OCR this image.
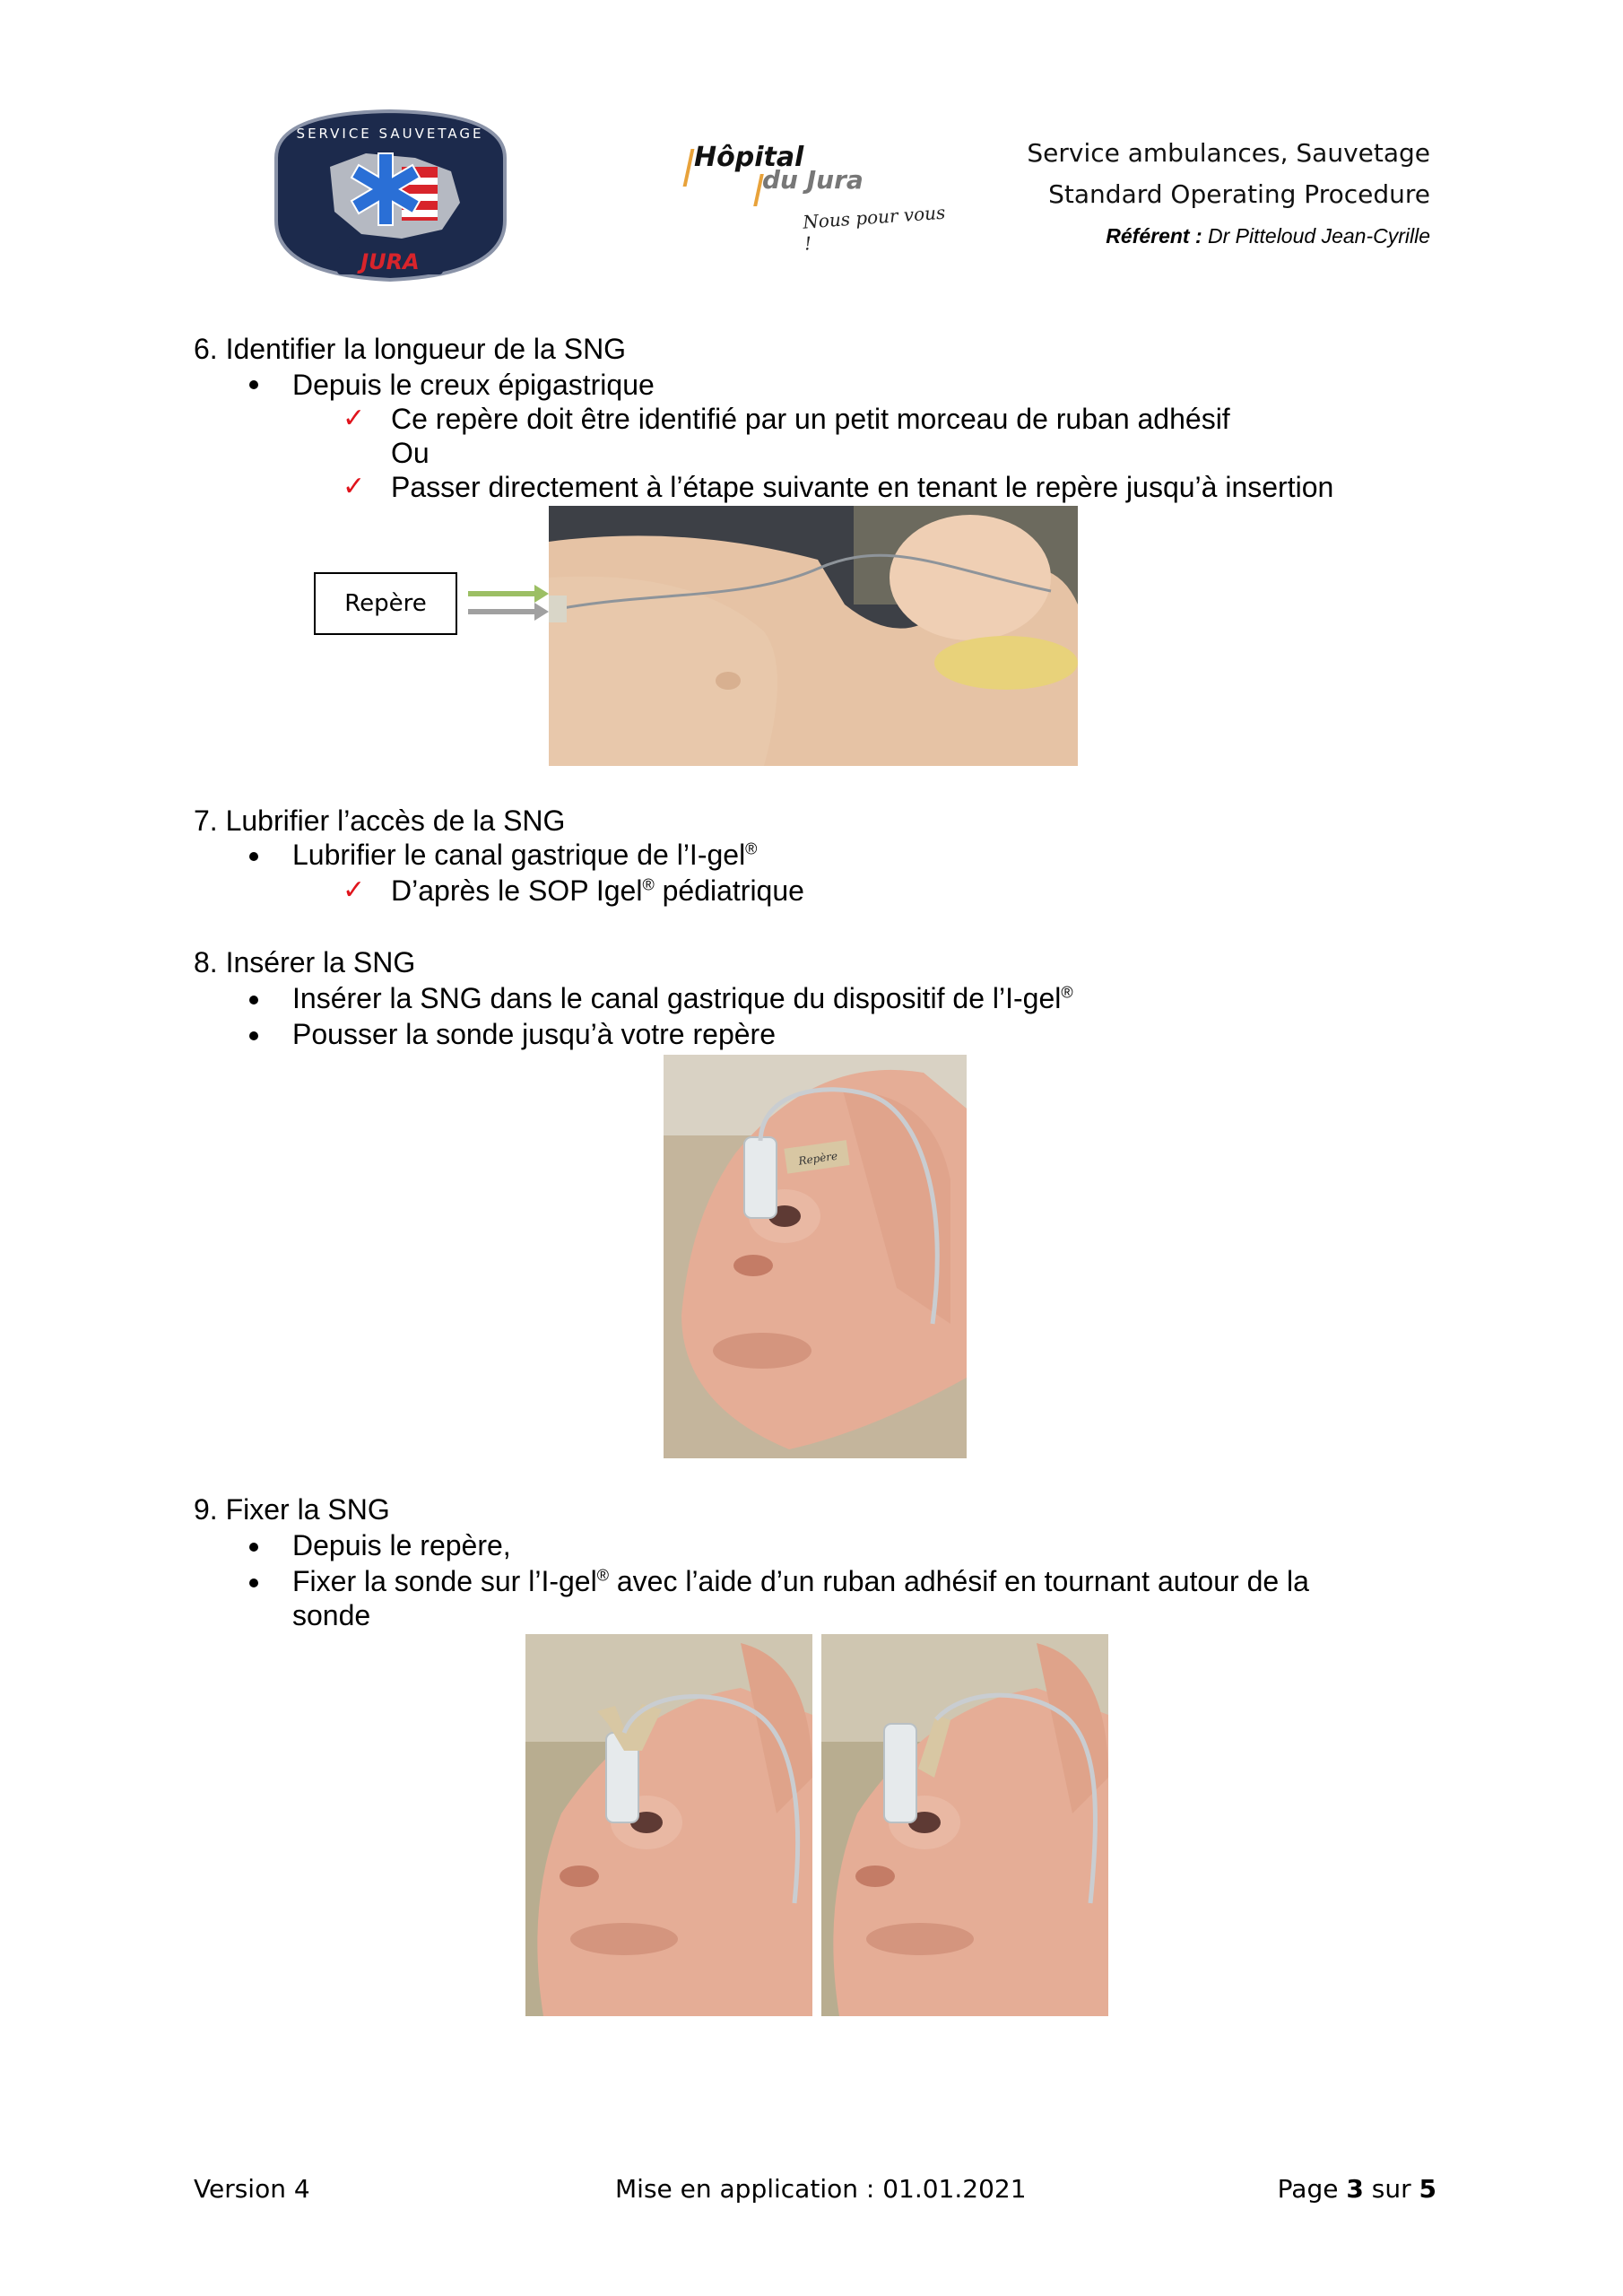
SERVICE SAUVETAGE
JURA
Hôpital
du Jura
Nous pour vous !
Service ambulances, Sauvetage
Standard Operating Procedure
Référent : Dr Pitteloud Jean-Cyrille
6. Identifier la longueur de la SNG
Depuis le creux épigastrique
✓ Ce repère doit être identifié par un petit morceau de ruban adhésif
Ou
✓ Passer directement à l’étape suivante en tenant le repère jusqu’à insertion
Repère
7. Lubrifier l’accès de la SNG
Lubrifier le canal gastrique de l’I-gel®
✓ D’après le SOP Igel® pédiatrique
8. Insérer la SNG
Insérer la SNG dans le canal gastrique du dispositif de l’I-gel®
Pousser la sonde jusqu’à votre repère
Repère
9. Fixer la SNG
Depuis le repère,
Fixer la sonde sur l’I-gel® avec l’aide d’un ruban adhésif en tournant autour de la
sonde
Version 4	Mise en application : 01.01.2021	Page 3 sur 5
